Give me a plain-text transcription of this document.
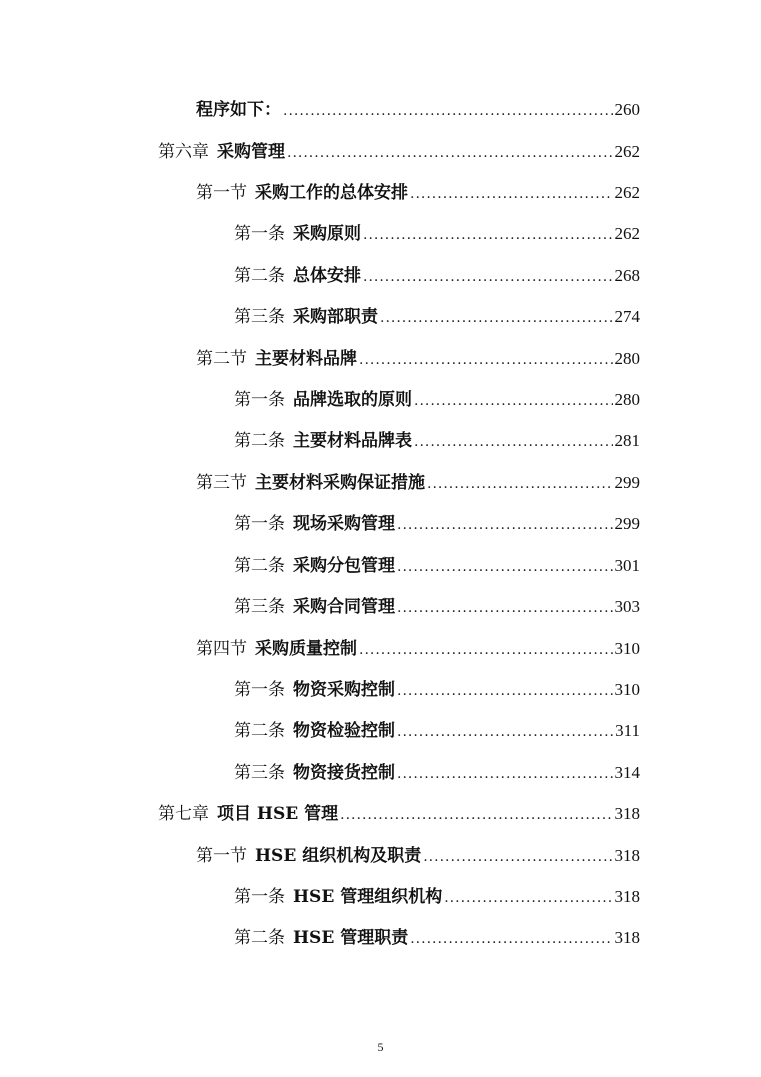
程序如下： .....	260
第六章 采购管理 .....	262
第一节 采购工作的总体安排 .....	262
第一条 采购原则 .....	262
第二条 总体安排 .....	268
第三条 采购部职责 .....	274
第二节 主要材料品牌 .....	280
第一条 品牌选取的原则 .....	280
第二条 主要材料品牌表 .....	281
第三节 主要材料采购保证措施 .....	299
第一条 现场采购管理 .....	299
第二条 采购分包管理 .....	301
第三条 采购合同管理 .....	303
第四节 采购质量控制 .....	310
第一条 物资采购控制 .....	310
第二条 物资检验控制 .....	311
第三条 物资接货控制 .....	314
第七章 项目 HSE 管理 .....	318
第一节 HSE 组织机构及职责 .....	318
第一条 HSE 管理组织机构 .....	318
第二条 HSE 管理职责 .....	318
5
